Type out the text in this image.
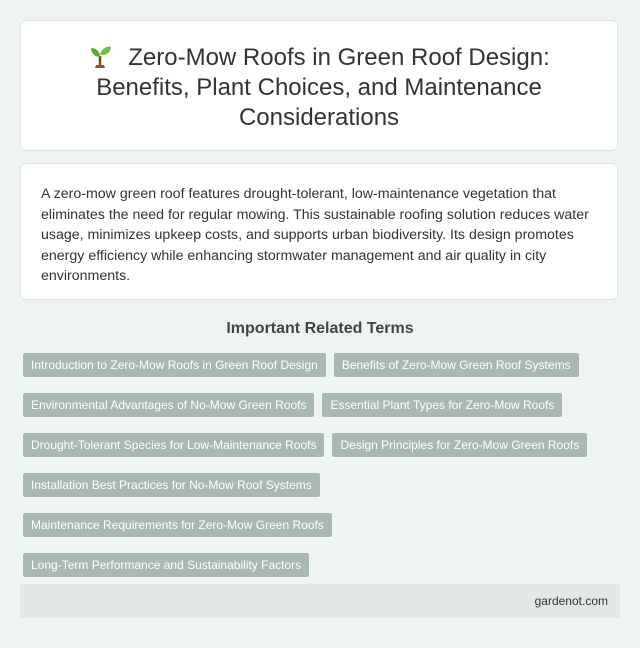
Zero-Mow Roofs in Green Roof Design: Benefits, Plant Choices, and Maintenance Considerations

A zero-mow green roof features drought-tolerant, low-maintenance vegetation that eliminates the need for regular mowing. This sustainable roofing solution reduces water usage, minimizes upkeep costs, and supports urban biodiversity. Its design promotes energy efficiency while enhancing stormwater management and air quality in city environments.

Important Related Terms
Introduction to Zero-Mow Roofs in Green Roof Design	Benefits of Zero-Mow Green Roof Systems
Environmental Advantages of No-Mow Green Roofs	Essential Plant Types for Zero-Mow Roofs
Drought-Tolerant Species for Low-Maintenance Roofs	Design Principles for Zero-Mow Green Roofs
Installation Best Practices for No-Mow Roof Systems
Maintenance Requirements for Zero-Mow Green Roofs
Long-Term Performance and Sustainability Factors
gardenot.com
